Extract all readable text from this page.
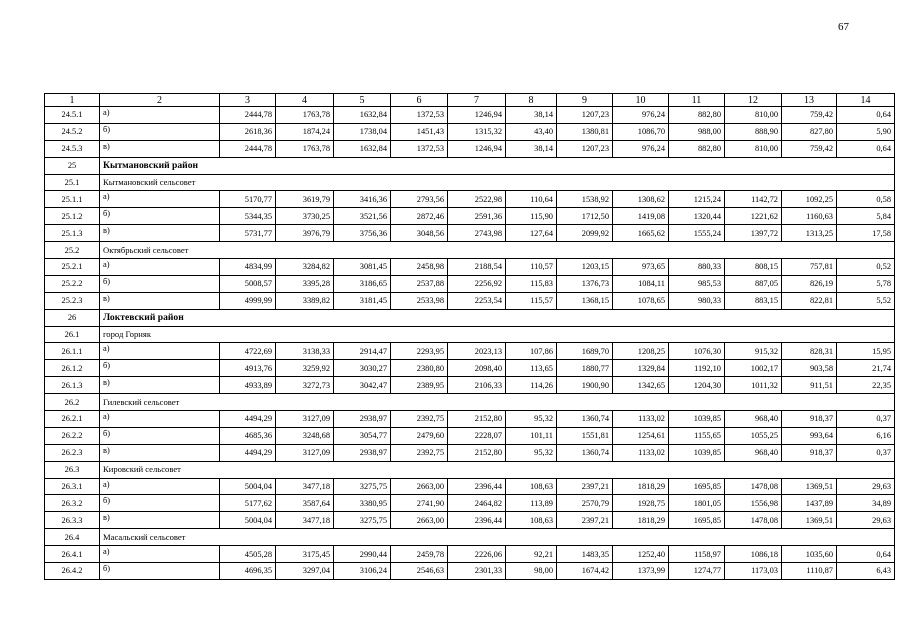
67
1	2	3	4	5	6	7	8	9	10	11	12	13	14
24.5.1	а)	2444,78	1763,78	1632,84	1372,53	1246,94	38,14	1207,23	976,24	882,80	810,00	759,42	0,64
24.5.2	б)	2618,36	1874,24	1738,04	1451,43	1315,32	43,40	1380,81	1086,70	988,00	888,90	827,80	5,90
24.5.3	в)	2444,78	1763,78	1632,84	1372,53	1246,94	38,14	1207,23	976,24	882,80	810,00	759,42	0,64
25	Кытмановский район												
25.1	Кытмановский сельсовет												
25.1.1	а)	5170,77	3619,79	3416,36	2793,56	2522,98	110,64	1538,92	1308,62	1215,24	1142,72	1092,25	0,58
25.1.2	б)	5344,35	3730,25	3521,56	2872,46	2591,36	115,90	1712,50	1419,08	1320,44	1221,62	1160,63	5,84
25.1.3	в)	5731,77	3976,79	3756,36	3048,56	2743,98	127,64	2099,92	1665,62	1555,24	1397,72	1313,25	17,58
25.2	Октябрьский сельсовет												
25.2.1	а)	4834,99	3284,82	3081,45	2458,98	2188,54	110,57	1203,15	973,65	880,33	808,15	757,81	0,52
25.2.2	б)	5008,57	3395,28	3186,65	2537,88	2256,92	115,83	1376,73	1084,11	985,53	887,05	826,19	5,78
25.2.3	в)	4999,99	3389,82	3181,45	2533,98	2253,54	115,57	1368,15	1078,65	980,33	883,15	822,81	5,52
26	Локтевский район												
26.1	город Горняк												
26.1.1	а)	4722,69	3138,33	2914,47	2293,95	2023,13	107,86	1689,70	1208,25	1076,30	915,32	828,31	15,95
26.1.2	б)	4913,76	3259,92	3030,27	2380,80	2098,40	113,65	1880,77	1329,84	1192,10	1002,17	903,58	21,74
26.1.3	в)	4933,89	3272,73	3042,47	2389,95	2106,33	114,26	1900,90	1342,65	1204,30	1011,32	911,51	22,35
26.2	Гилевский сельсовет												
26.2.1	а)	4494,29	3127,09	2938,97	2392,75	2152,80	95,32	1360,74	1133,02	1039,85	968,40	918,37	0,37
26.2.2	б)	4685,36	3248,68	3054,77	2479,60	2228,07	101,11	1551,81	1254,61	1155,65	1055,25	993,64	6,16
26.2.3	в)	4494,29	3127,09	2938,97	2392,75	2152,80	95,32	1360,74	1133,02	1039,85	968,40	918,37	0,37
26.3	Кировский сельсовет												
26.3.1	а)	5004,04	3477,18	3275,75	2663,00	2396,44	108,63	2397,21	1818,29	1695,85	1478,08	1369,51	29,63
26.3.2	б)	5177,62	3587,64	3380,95	2741,90	2464,82	113,89	2570,79	1928,75	1801,05	1556,98	1437,89	34,89
26.3.3	в)	5004,04	3477,18	3275,75	2663,00	2396,44	108,63	2397,21	1818,29	1695,85	1478,08	1369,51	29,63
26.4	Масальский сельсовет												
26.4.1	а)	4505,28	3175,45	2990,44	2459,78	2226,06	92,21	1483,35	1252,40	1158,97	1086,18	1035,60	0,64
26.4.2	б)	4696,35	3297,04	3106,24	2546,63	2301,33	98,00	1674,42	1373,99	1274,77	1173,03	1110,87	6,43
